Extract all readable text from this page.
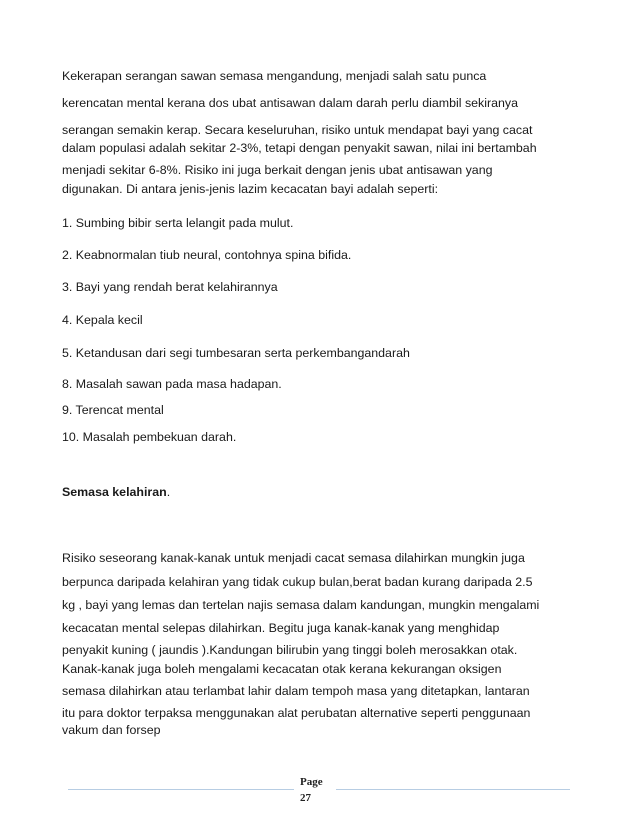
Kekerapan serangan sawan semasa mengandung, menjadi salah satu punca
kerencatan mental kerana dos ubat antisawan dalam darah perlu diambil sekiranya
serangan semakin kerap. Secara keseluruhan, risiko untuk mendapat bayi yang cacat
dalam populasi adalah sekitar 2-3%, tetapi dengan penyakit sawan, nilai ini bertambah
menjadi sekitar 6-8%. Risiko ini juga berkait dengan jenis ubat antisawan yang
digunakan. Di antara jenis-jenis lazim kecacatan bayi adalah seperti:
1. Sumbing bibir serta lelangit pada mulut.
2. Keabnormalan tiub neural, contohnya spina bifida.
3. Bayi yang rendah berat kelahirannya
4. Kepala kecil
5. Ketandusan dari segi tumbesaran serta perkembangandarah
8. Masalah sawan pada masa hadapan.
9. Terencat mental
10. Masalah pembekuan darah.
Semasa kelahiran.
Risiko seseorang kanak-kanak untuk menjadi cacat semasa dilahirkan mungkin juga
berpunca daripada kelahiran yang tidak cukup bulan,berat badan kurang daripada 2.5
kg , bayi yang lemas dan tertelan najis semasa dalam kandungan, mungkin mengalami
kecacatan mental selepas dilahirkan. Begitu juga kanak-kanak yang menghidap
penyakit kuning ( jaundis ).Kandungan bilirubin yang tinggi boleh merosakkan otak.
Kanak-kanak juga boleh mengalami kecacatan otak kerana kekurangan oksigen
semasa dilahirkan atau terlambat lahir dalam tempoh masa yang ditetapkan, lantaran
itu para doktor terpaksa menggunakan alat perubatan alternative seperti penggunaan
vakum dan forsep
Page
27
